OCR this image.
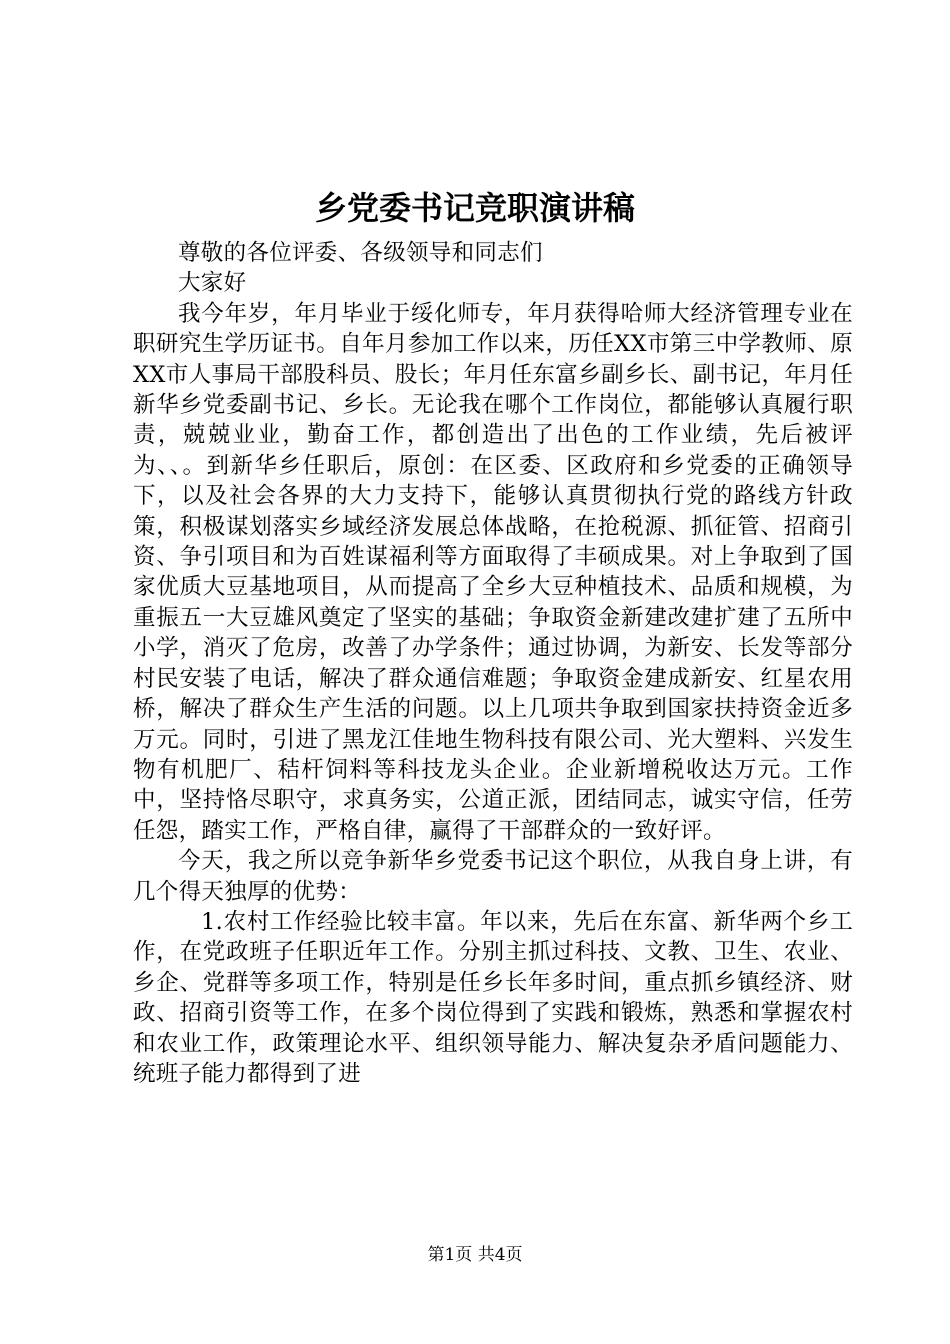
乡党委书记竞职演讲稿

尊敬的各位评委、各级领导和同志们

大家好

我今年岁，年月毕业于绥化师专，年月获得哈师大经济管理专业在职研究生学历证书。自年月参加工作以来，历任XX市第三中学教师、原XX市人事局干部股科员、股长；年月任东富乡副乡长、副书记，年月任新华乡党委副书记、乡长。无论我在哪个工作岗位，都能够认真履行职责，兢兢业业，勤奋工作，都创造出了出色的工作业绩，先后被评为、、。到新华乡任职后，原创：在区委、区政府和乡党委的正确领导下，以及社会各界的大力支持下，能够认真贯彻执行党的路线方针政策，积极谋划落实乡域经济发展总体战略，在抢税源、抓征管、招商引资、争引项目和为百姓谋福利等方面取得了丰硕成果。对上争取到了国家优质大豆基地项目，从而提高了全乡大豆种植技术、品质和规模，为重振五一大豆雄风奠定了坚实的基础；争取资金新建改建扩建了五所中小学，消灭了危房，改善了办学条件；通过协调，为新安、长发等部分村民安装了电话，解决了群众通信难题；争取资金建成新安、红星农用桥，解决了群众生产生活的问题。以上几项共争取到国家扶持资金近多万元。同时，引进了黑龙江佳地生物科技有限公司、光大塑料、兴发生物有机肥厂、秸杆饲料等科技龙头企业。企业新增税收达万元。工作中，坚持恪尽职守，求真务实，公道正派，团结同志，诚实守信，任劳任怨，踏实工作，严格自律，赢得了干部群众的一致好评。

今天，我之所以竞争新华乡党委书记这个职位，从我自身上讲，有几个得天独厚的优势：

1.农村工作经验比较丰富。年以来，先后在东富、新华两个乡工作，在党政班子任职近年工作。分别主抓过科技、文教、卫生、农业、乡企、党群等多项工作，特别是任乡长年多时间，重点抓乡镇经济、财政、招商引资等工作，在多个岗位得到了实践和锻炼，熟悉和掌握农村和农业工作，政策理论水平、组织领导能力、解决复杂矛盾问题能力、统班子能力都得到了进

第1页 共4页
